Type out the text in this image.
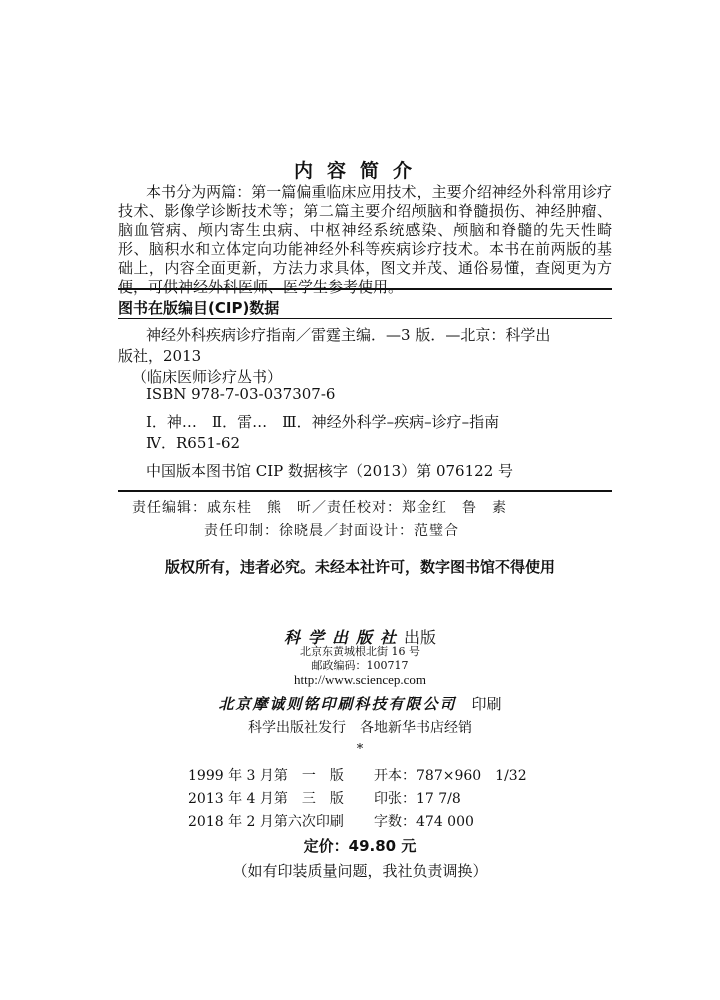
内容简介
本书分为两篇：第一篇偏重临床应用技术，主要介绍神经外科常用诊疗技术、影像学诊断技术等；第二篇主要介绍颅脑和脊髓损伤、神经肿瘤、脑血管病、颅内寄生虫病、中枢神经系统感染、颅脑和脊髓的先天性畸形、脑积水和立体定向功能神经外科等疾病诊疗技术。本书在前两版的基础上，内容全面更新，方法力求具体，图文并茂、通俗易懂，查阅更为方便，可供神经外科医师、医学生参考使用。
图书在版编目(CIP)数据
神经外科疾病诊疗指南／雷霆主编．—3 版．—北京：科学出
版社，2013
（临床医师诊疗丛书）
ISBN 978-7-03-037307-6
Ⅰ．神…　Ⅱ．雷…　Ⅲ．神经外科学–疾病–诊疗–指南
Ⅳ．R651-62
中国版本图书馆 CIP 数据核字（2013）第 076122 号
责任编辑：戚东桂　熊　昕／责任校对：郑金红　鲁　素
责任印制：徐晓晨／封面设计：范璧合
版权所有，违者必究。未经本社许可，数字图书馆不得使用
科学出版社出版
北京东黄城根北街 16 号
邮政编码：100717
http://www.sciencep.com
北京摩诚则铭印刷科技有限公司　 印刷
科学出版社发行　各地新华书店经销
*
1999 年 3 月第　一　版 开本：787×960　1/32
2013 年 4 月第　三　版 印张：17 7/8
2018 年 2 月第六次印刷 字数：474 000
定价：49.80 元
（如有印装质量问题，我社负责调换）
